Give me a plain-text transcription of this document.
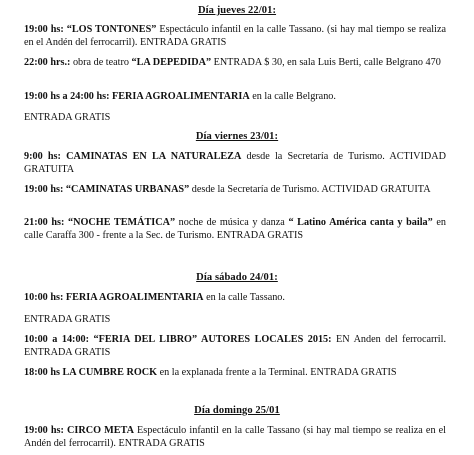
Día jueves 22/01:
19:00 hs: “LOS TONTONES” Espectáculo infantil en la calle Tassano. (si hay mal tiempo se realiza en el Andén del ferrocarril). ENTRADA GRATIS
22:00 hrs.: obra de teatro “LA DEPEDIDA” ENTRADA $ 30, en sala Luis Berti, calle Belgrano 470
19:00 hs a 24:00 hs: FERIA AGROALIMENTARIA en la calle Belgrano.
ENTRADA GRATIS
Día viernes 23/01:
9:00 hs: CAMINATAS EN LA NATURALEZA desde la Secretaría de Turismo. ACTIVIDAD GRATUITA
19:00 hs: “CAMINATAS URBANAS” desde la Secretaría de Turismo. ACTIVIDAD GRATUITA
21:00 hs: “NOCHE TEMÁTICA” noche de música y danza “ Latino América canta y baila” en calle Caraffa 300 - frente a la Sec. de Turismo. ENTRADA GRATIS
Día sábado 24/01:
10:00 hs: FERIA AGROALIMENTARIA en la calle Tassano.
ENTRADA GRATIS
10:00 a 14:00: “FERIA DEL LIBRO” AUTORES LOCALES 2015: EN Anden del ferrocarril. ENTRADA GRATIS
18:00 hs LA CUMBRE ROCK en la explanada frente a la Terminal. ENTRADA GRATIS
Día domingo 25/01
19:00 hs: CIRCO META Espectáculo infantil en la calle Tassano (si hay mal tiempo se realiza en el Andén del ferrocarril). ENTRADA GRATIS
